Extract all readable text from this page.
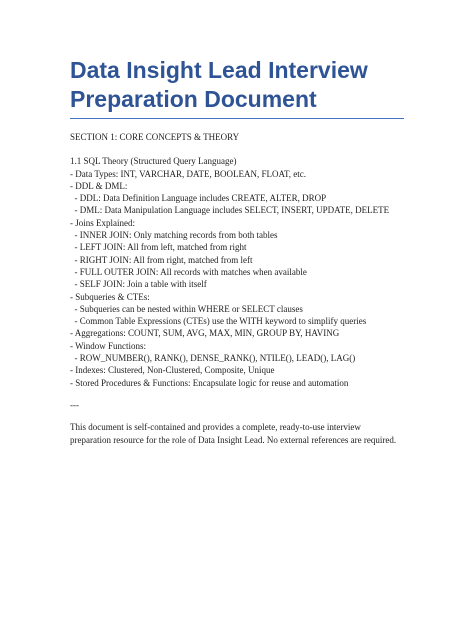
Data Insight Lead Interview Preparation Document
SECTION 1: CORE CONCEPTS & THEORY
1.1 SQL Theory (Structured Query Language)
- Data Types: INT, VARCHAR, DATE, BOOLEAN, FLOAT, etc.
- DDL & DML:
- DDL: Data Definition Language includes CREATE, ALTER, DROP
- DML: Data Manipulation Language includes SELECT, INSERT, UPDATE, DELETE
- Joins Explained:
- INNER JOIN: Only matching records from both tables
- LEFT JOIN: All from left, matched from right
- RIGHT JOIN: All from right, matched from left
- FULL OUTER JOIN: All records with matches when available
- SELF JOIN: Join a table with itself
- Subqueries & CTEs:
- Subqueries can be nested within WHERE or SELECT clauses
- Common Table Expressions (CTEs) use the WITH keyword to simplify queries
- Aggregations: COUNT, SUM, AVG, MAX, MIN, GROUP BY, HAVING
- Window Functions:
- ROW_NUMBER(), RANK(), DENSE_RANK(), NTILE(), LEAD(), LAG()
- Indexes: Clustered, Non-Clustered, Composite, Unique
- Stored Procedures & Functions: Encapsulate logic for reuse and automation
---
This document is self-contained and provides a complete, ready-to-use interview
preparation resource for the role of Data Insight Lead. No external references are required.
